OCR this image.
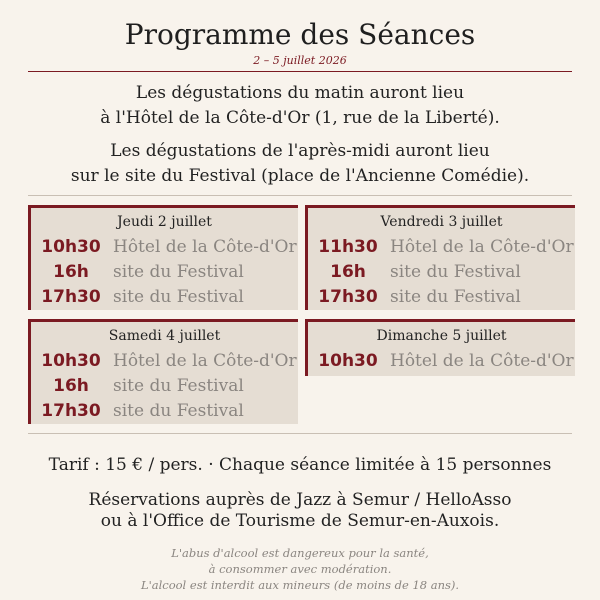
Programme des Séances
2 – 5 juillet 2026
Les dégustations du matin auront lieu
à l'Hôtel de la Côte-d'Or (1, rue de la Liberté).
Les dégustations de l'après-midi auront lieu
sur le site du Festival (place de l'Ancienne Comédie).
Jeudi 2 juillet
10h30 Hôtel de la Côte-d'Or
16h	site du Festival
17h30 site du Festival
Vendredi 3 juillet
11h30 Hôtel de la Côte-d'Or
16h	site du Festival
17h30 site du Festival
Samedi 4 juillet
10h30 Hôtel de la Côte-d'Or
16h	site du Festival
17h30 site du Festival
Dimanche 5 juillet
10h30 Hôtel de la Côte-d'Or
Tarif : 15 € / pers. · Chaque séance limitée à 15 personnes
Réservations auprès de Jazz à Semur / HelloAsso
ou à l'Office de Tourisme de Semur-en-Auxois.
L'abus d'alcool est dangereux pour la santé,
à consommer avec modération.
L'alcool est interdit aux mineurs (de moins de 18 ans).
